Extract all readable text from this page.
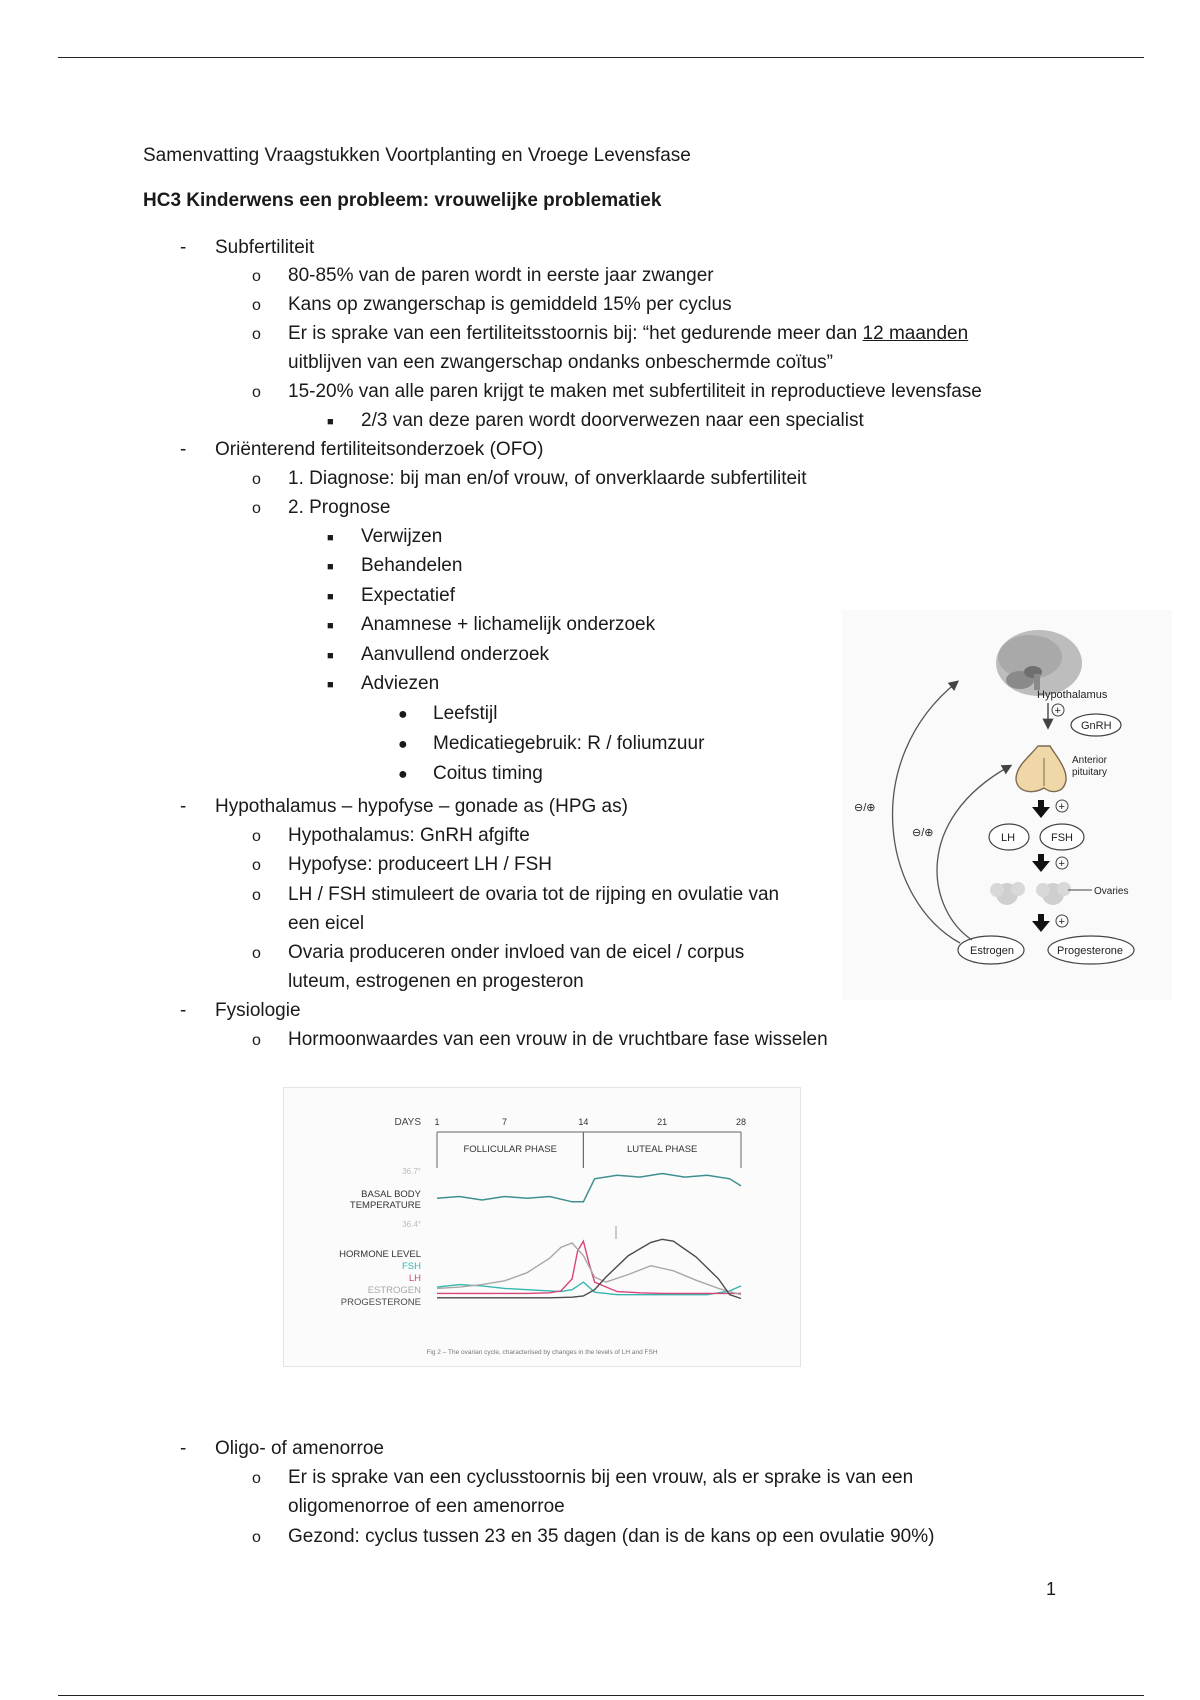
Samenvatting Vraagstukken Voortplanting en Vroege Levensfase
HC3 Kinderwens een probleem: vrouwelijke problematiek
- Subfertiliteit
o 80-85% van de paren wordt in eerste jaar zwanger
o Kans op zwangerschap is gemiddeld 15% per cyclus
o Er is sprake van een fertiliteitsstoornis bij: “het gedurende meer dan 12 maanden
uitblijven van een zwangerschap ondanks onbeschermde coïtus”
o 15-20% van alle paren krijgt te maken met subfertiliteit in reproductieve levensfase
■ 2/3 van deze paren wordt doorverwezen naar een specialist
- Oriënterend fertiliteitsonderzoek (OFO)
o 1. Diagnose: bij man en/of vrouw, of onverklaarde subfertiliteit
o 2. Prognose
■ Verwijzen
■ Behandelen
■ Expectatief
■ Anamnese + lichamelijk onderzoek
■ Aanvullend onderzoek
■ Adviezen
● Leefstijl
● Medicatiegebruik: R / foliumzuur
● Coitus timing
- Hypothalamus – hypofyse – gonade as (HPG as)
o Hypothalamus: GnRH afgifte
o Hypofyse: produceert LH / FSH
o LH / FSH stimuleert de ovaria tot de rijping en ovulatie van
een eicel
o Ovaria produceren onder invloed van de eicel / corpus
luteum, estrogenen en progesteron
- Fysiologie
o Hormoonwaardes van een vrouw in de vruchtbare fase wisselen
- Oligo- of amenorroe
o Er is sprake van een cyclusstoornis bij een vrouw, als er sprake is van een
oligomenorroe of een amenorroe
o Gezond: cyclus tussen 23 en 35 dagen (dan is de kans op een ovulatie 90%)
1
Hypothalamus
+
GnRH
Anterior
pituitary
+
LH	FSH
+
Ovaries
+
Estrogen	Progesterone
⊖/⊕
⊖/⊕
DAYS 1	7	14	21	28
FOLLICULAR PHASE	LUTEAL PHASE
36.7°
BASAL BODY
TEMPERATURE
36.4°
HORMONE LEVEL
FSH
LH
ESTROGEN
PROGESTERONE
Fig 2 – The ovarian cycle, characterised by changes in the levels of LH and FSH
